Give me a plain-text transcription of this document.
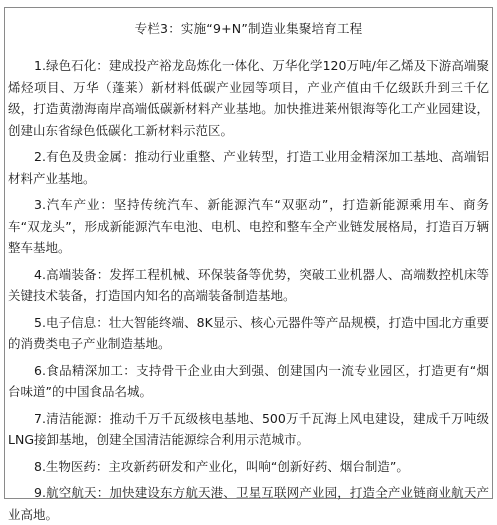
专栏3：实施“9+N”制造业集聚培育工程

1.绿色石化：建成投产裕龙岛炼化一体化、万华化学120万吨/年乙烯及下游高端聚烯烃项目、万华（蓬莱）新材料低碳产业园等项目，产业产值由千亿级跃升到三千亿级，打造黄渤海南岸高端低碳新材料产业基地。加快推进莱州银海等化工产业园建设，创建山东省绿色低碳化工新材料示范区。

2.有色及贵金属：推动行业重整、产业转型，打造工业用金精深加工基地、高端铝材料产业基地。

3.汽车产业：坚持传统汽车、新能源汽车“双驱动”，打造新能源乘用车、商务车“双龙头”，形成新能源汽车电池、电机、电控和整车全产业链发展格局，打造百万辆整车基地。

4.高端装备：发挥工程机械、环保装备等优势，突破工业机器人、高端数控机床等关键技术装备，打造国内知名的高端装备制造基地。

5.电子信息：壮大智能终端、8K显示、核心元器件等产品规模，打造中国北方重要的消费类电子产业制造基地。

6.食品精深加工：支持骨干企业由大到强、创建国内一流专业园区，打造更有“烟台味道”的中国食品名城。

7.清洁能源：推动千万千瓦级核电基地、500万千瓦海上风电建设，建成千万吨级LNG接卸基地，创建全国清洁能源综合利用示范城市。

8.生物医药：主攻新药研发和产业化，叫响“创新好药、烟台制造”。

9.航空航天：加快建设东方航天港、卫星互联网产业园，打造全产业链商业航天产业高地。
